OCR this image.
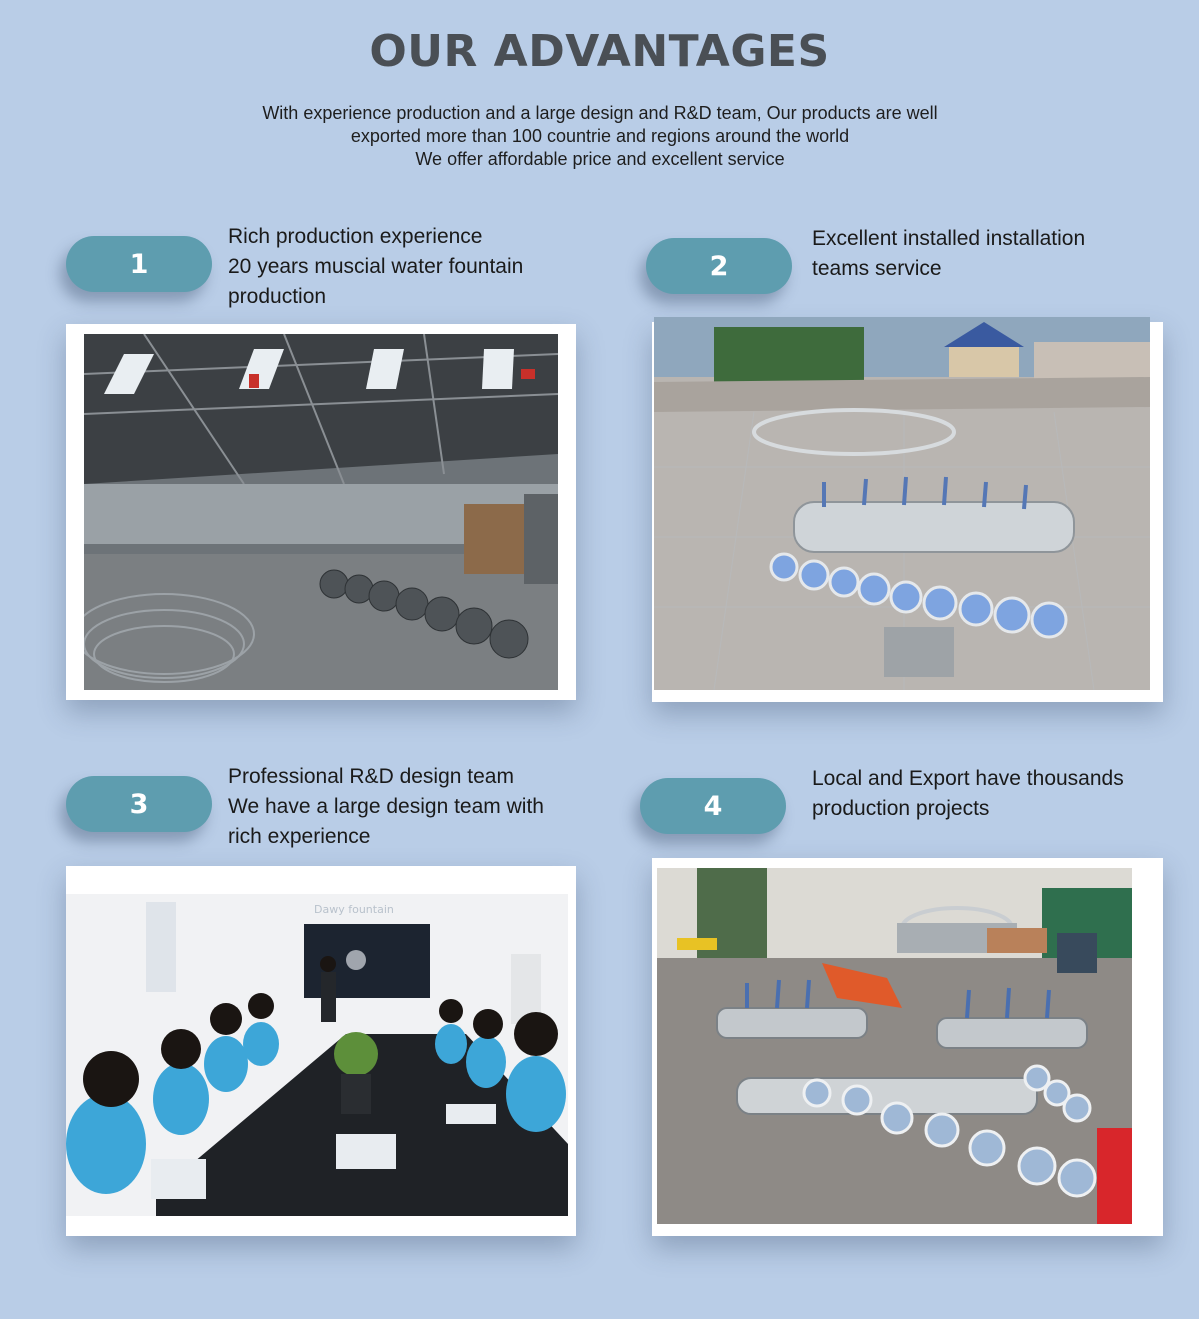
OUR ADVANTAGES
With experience production and a large design and R&D team, Our products are well
exported more than 100 countrie and regions around the world
We offer affordable price and excellent service
1
Rich production experience
20 years muscial water fountain
production
2
Excellent installed installation
teams service
3
Professional R&D design team
We have a large design team with
rich experience
Dawy fountain
4
Local and Export have thousands
production projects
